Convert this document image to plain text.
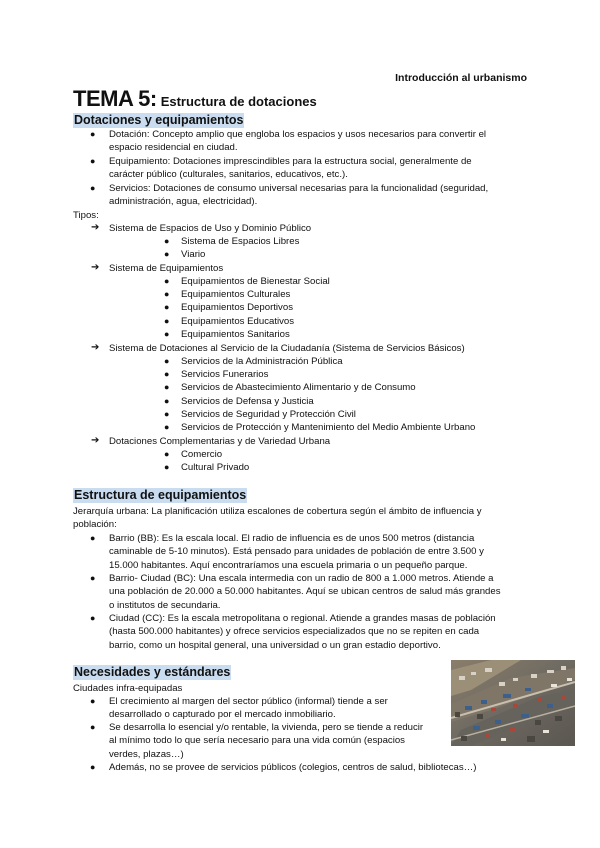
Introducción al urbanismo
TEMA 5: Estructura de dotaciones
Dotaciones y equipamientos
● Dotación: Concepto amplio que engloba los espacios y usos necesarios para convertir el
espacio residencial en ciudad.
● Equipamiento: Dotaciones imprescindibles para la estructura social, generalmente de
carácter público (culturales, sanitarios, educativos, etc.).
● Servicios: Dotaciones de consumo universal necesarias para la funcionalidad (seguridad,
administración, agua, electricidad).
Tipos:
➔ Sistema de Espacios de Uso y Dominio Público
● Sistema de Espacios Libres
● Viario
➔ Sistema de Equipamientos
● Equipamientos de Bienestar Social
● Equipamientos Culturales
● Equipamientos Deportivos
● Equipamientos Educativos
● Equipamientos Sanitarios
➔ Sistema de Dotaciones al Servicio de la Ciudadanía (Sistema de Servicios Básicos)
● Servicios de la Administración Pública
● Servicios Funerarios
● Servicios de Abastecimiento Alimentario y de Consumo
● Servicios de Defensa y Justicia
● Servicios de Seguridad y Protección Civil
● Servicios de Protección y Mantenimiento del Medio Ambiente Urbano
➔ Dotaciones Complementarias y de Variedad Urbana
● Comercio
● Cultural Privado
Estructura de equipamientos
Jerarquía urbana: La planificación utiliza escalones de cobertura según el ámbito de influencia y
población:
● Barrio (BB): Es la escala local. El radio de influencia es de unos 500 metros (distancia
caminable de 5-10 minutos). Está pensado para unidades de población de entre 3.500 y
15.000 habitantes. Aquí encontraríamos una escuela primaria o un pequeño parque.
● Barrio- Ciudad (BC): Una escala intermedia con un radio de 800 a 1.000 metros. Atiende a
una población de 20.000 a 50.000 habitantes. Aquí se ubican centros de salud más grandes
o institutos de secundaria.
● Ciudad (CC): Es la escala metropolitana o regional. Atiende a grandes masas de población
(hasta 500.000 habitantes) y ofrece servicios especializados que no se repiten en cada
barrio, como un hospital general, una universidad o un gran estadio deportivo.
Necesidades y estándares
Ciudades infra-equipadas
● El crecimiento al margen del sector público (informal) tiende a ser
desarrollado o capturado por el mercado inmobiliario.
● Se desarrolla lo esencial y/o rentable, la vivienda, pero se tiende a reducir
al mínimo todo lo que sería necesario para una vida común (espacios
verdes, plazas…)
● Además, no se provee de servicios públicos (colegios, centros de salud, bibliotecas…)
